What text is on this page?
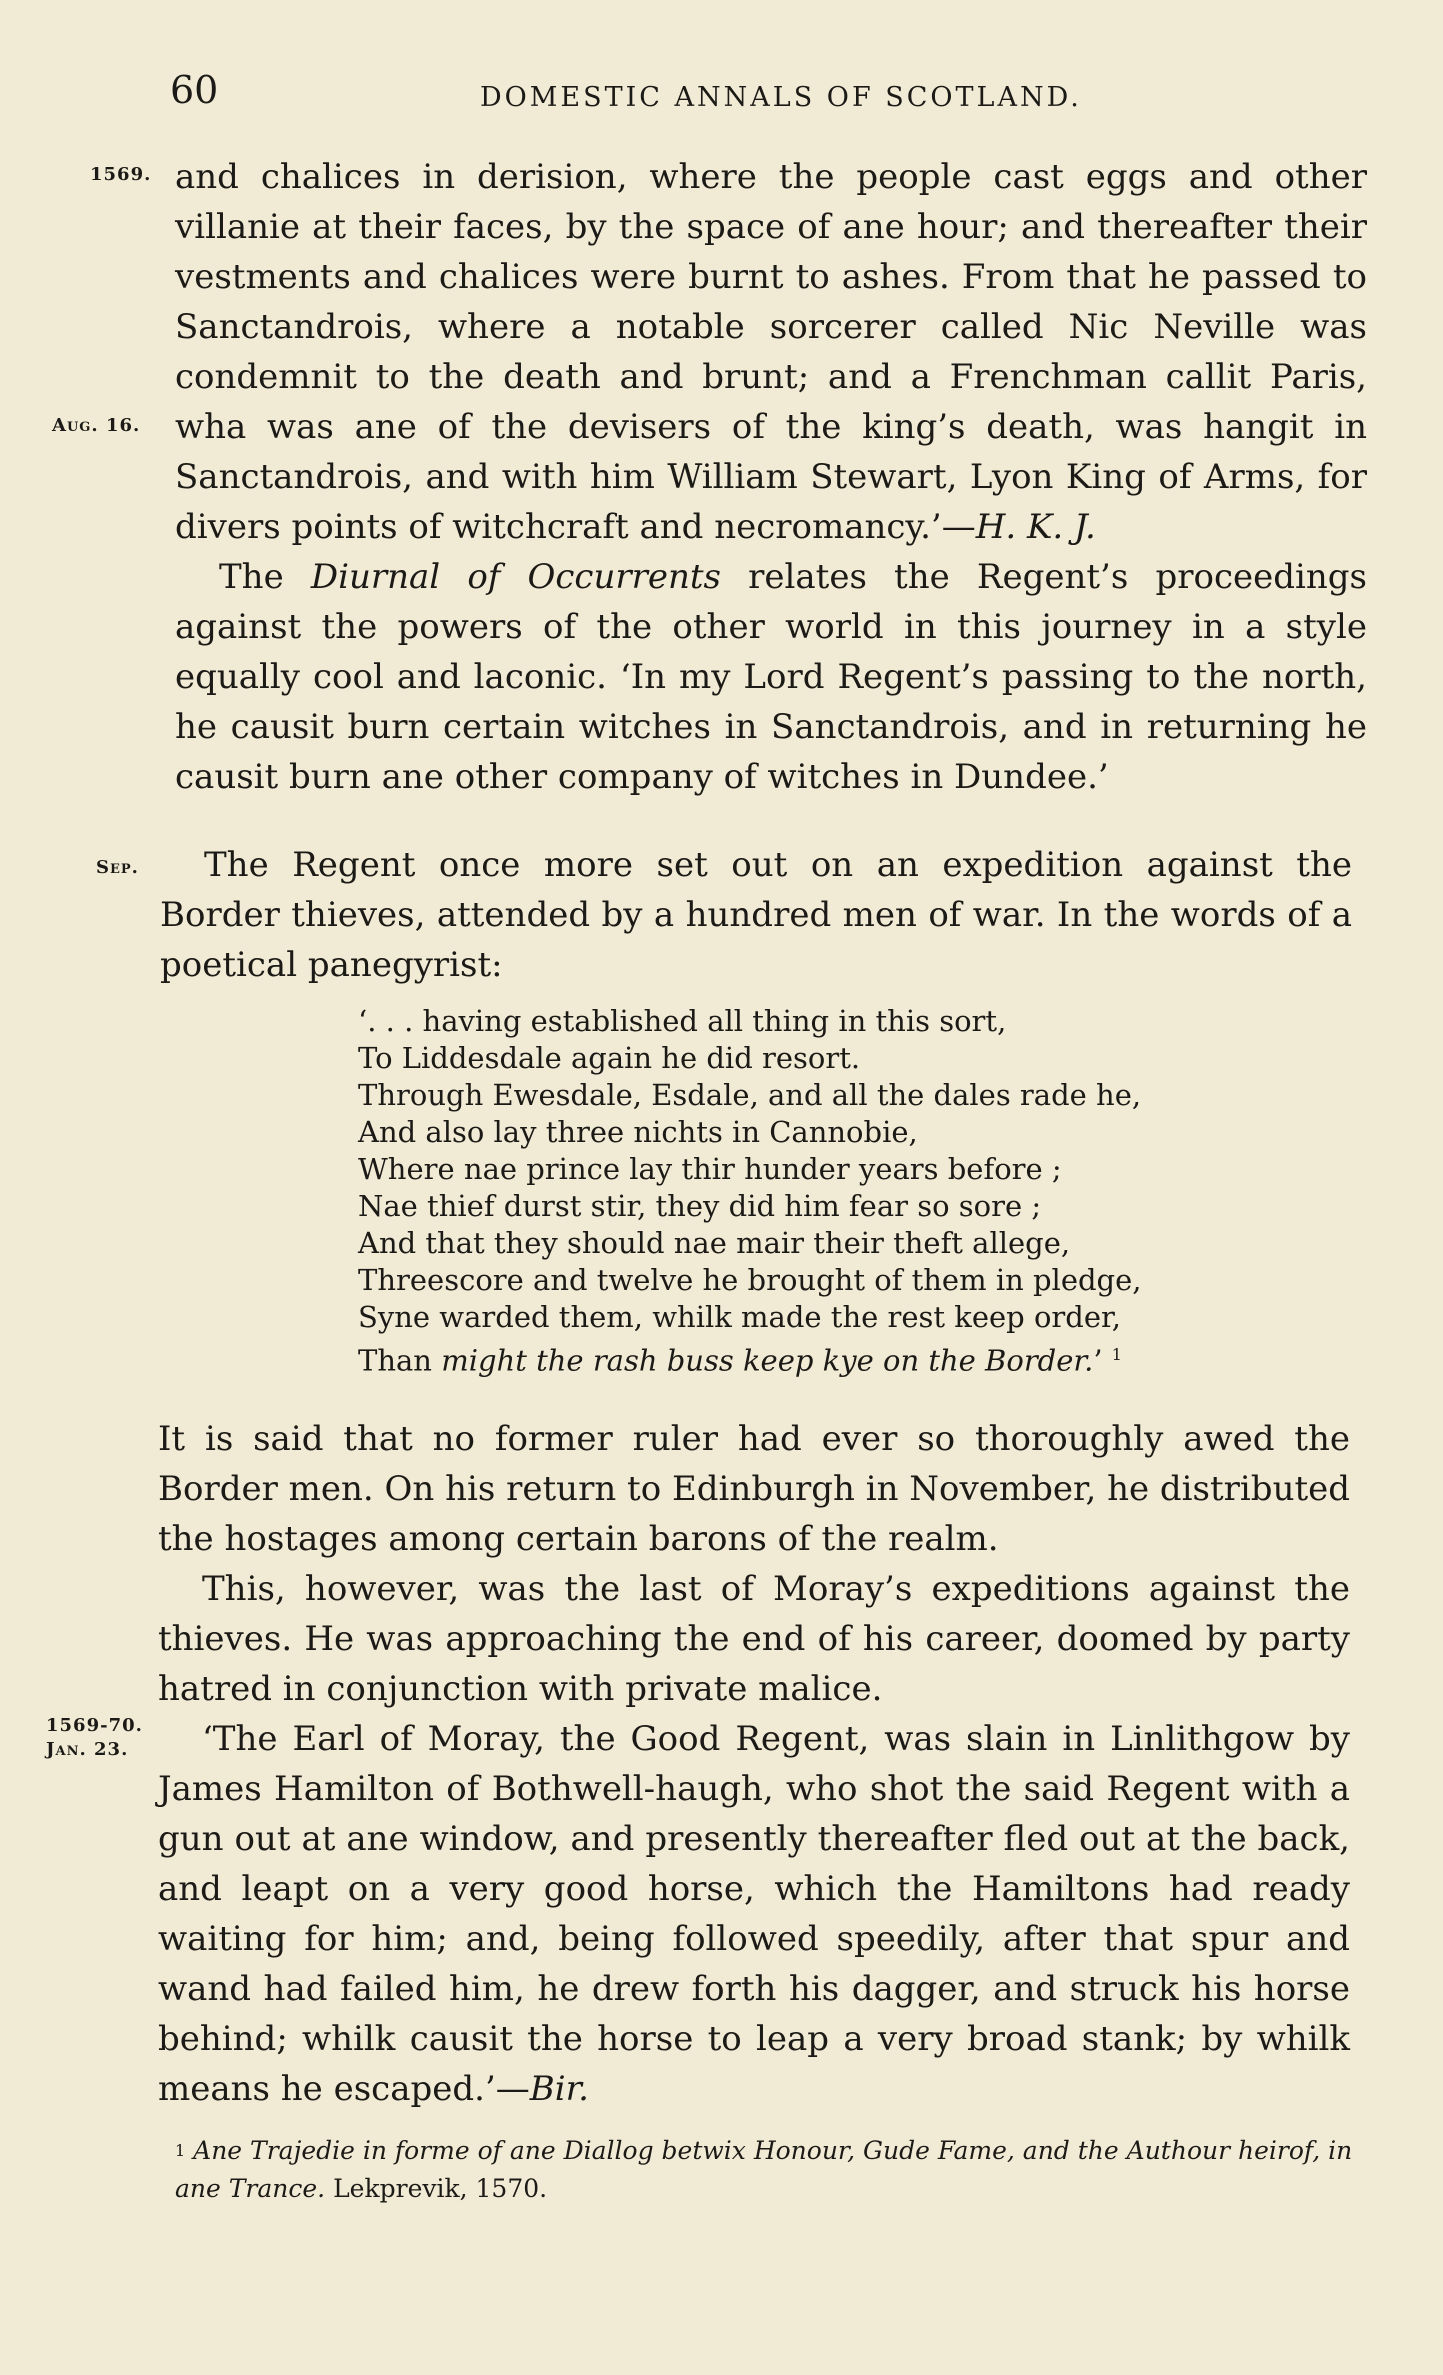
60	DOMESTIC ANNALS OF SCOTLAND.
1569.
Aug. 16.
Sep.
1569-70.
Jan. 23.

and chalices in derision, where the people cast eggs and other villanie at their faces, by the space of ane hour; and thereafter their vestments and chalices were burnt to ashes. From that he passed to Sanctandrois, where a notable sorcerer called Nic Neville was condemnit to the death and brunt; and a Frenchman callit Paris, wha was ane of the devisers of the king’s death, was hangit in Sanctandrois, and with him William Stewart, Lyon King of Arms, for divers points of witchcraft and necromancy.’—H. K. J.

The Diurnal of Occurrents relates the Regent’s proceedings against the powers of the other world in this journey in a style equally cool and laconic. ‘In my Lord Regent’s passing to the north, he causit burn certain witches in Sanctandrois, and in returning he causit burn ane other company of witches in Dundee.’

The Regent once more set out on an expedition against the Border thieves, attended by a hundred men of war. In the words of a poetical panegyrist:

‘. . . having established all thing in this sort,
To Liddesdale again he did resort.
Through Ewesdale, Esdale, and all the dales rade he,
And also lay three nichts in Cannobie,
Where nae prince lay thir hunder years before ;
Nae thief durst stir, they did him fear so sore ;
And that they should nae mair their theft allege,
Threescore and twelve he brought of them in pledge,
Syne warded them, whilk made the rest keep order,
Than might the rash buss keep kye on the Border.’ $^1$

It is said that no former ruler had ever so thoroughly awed the Border men. On his return to Edinburgh in November, he distributed the hostages among certain barons of the realm.

This, however, was the last of Moray’s expeditions against the thieves. He was approaching the end of his career, doomed by party hatred in conjunction with private malice.

‘The Earl of Moray, the Good Regent, was slain in Linlithgow by James Hamilton of Bothwell-haugh, who shot the said Regent with a gun out at ane window, and presently thereafter fled out at the back, and leapt on a very good horse, which the Hamiltons had ready waiting for him; and, being followed speedily, after that spur and wand had failed him, he drew forth his dagger, and struck his horse behind; whilk causit the horse to leap a very broad stank; by whilk means he escaped.’—Bir.

$^1$ Ane Trajedie in forme of ane Diallog betwix Honour, Gude Fame, and the Authour heirof, in ane Trance. Lekprevik, 1570.
